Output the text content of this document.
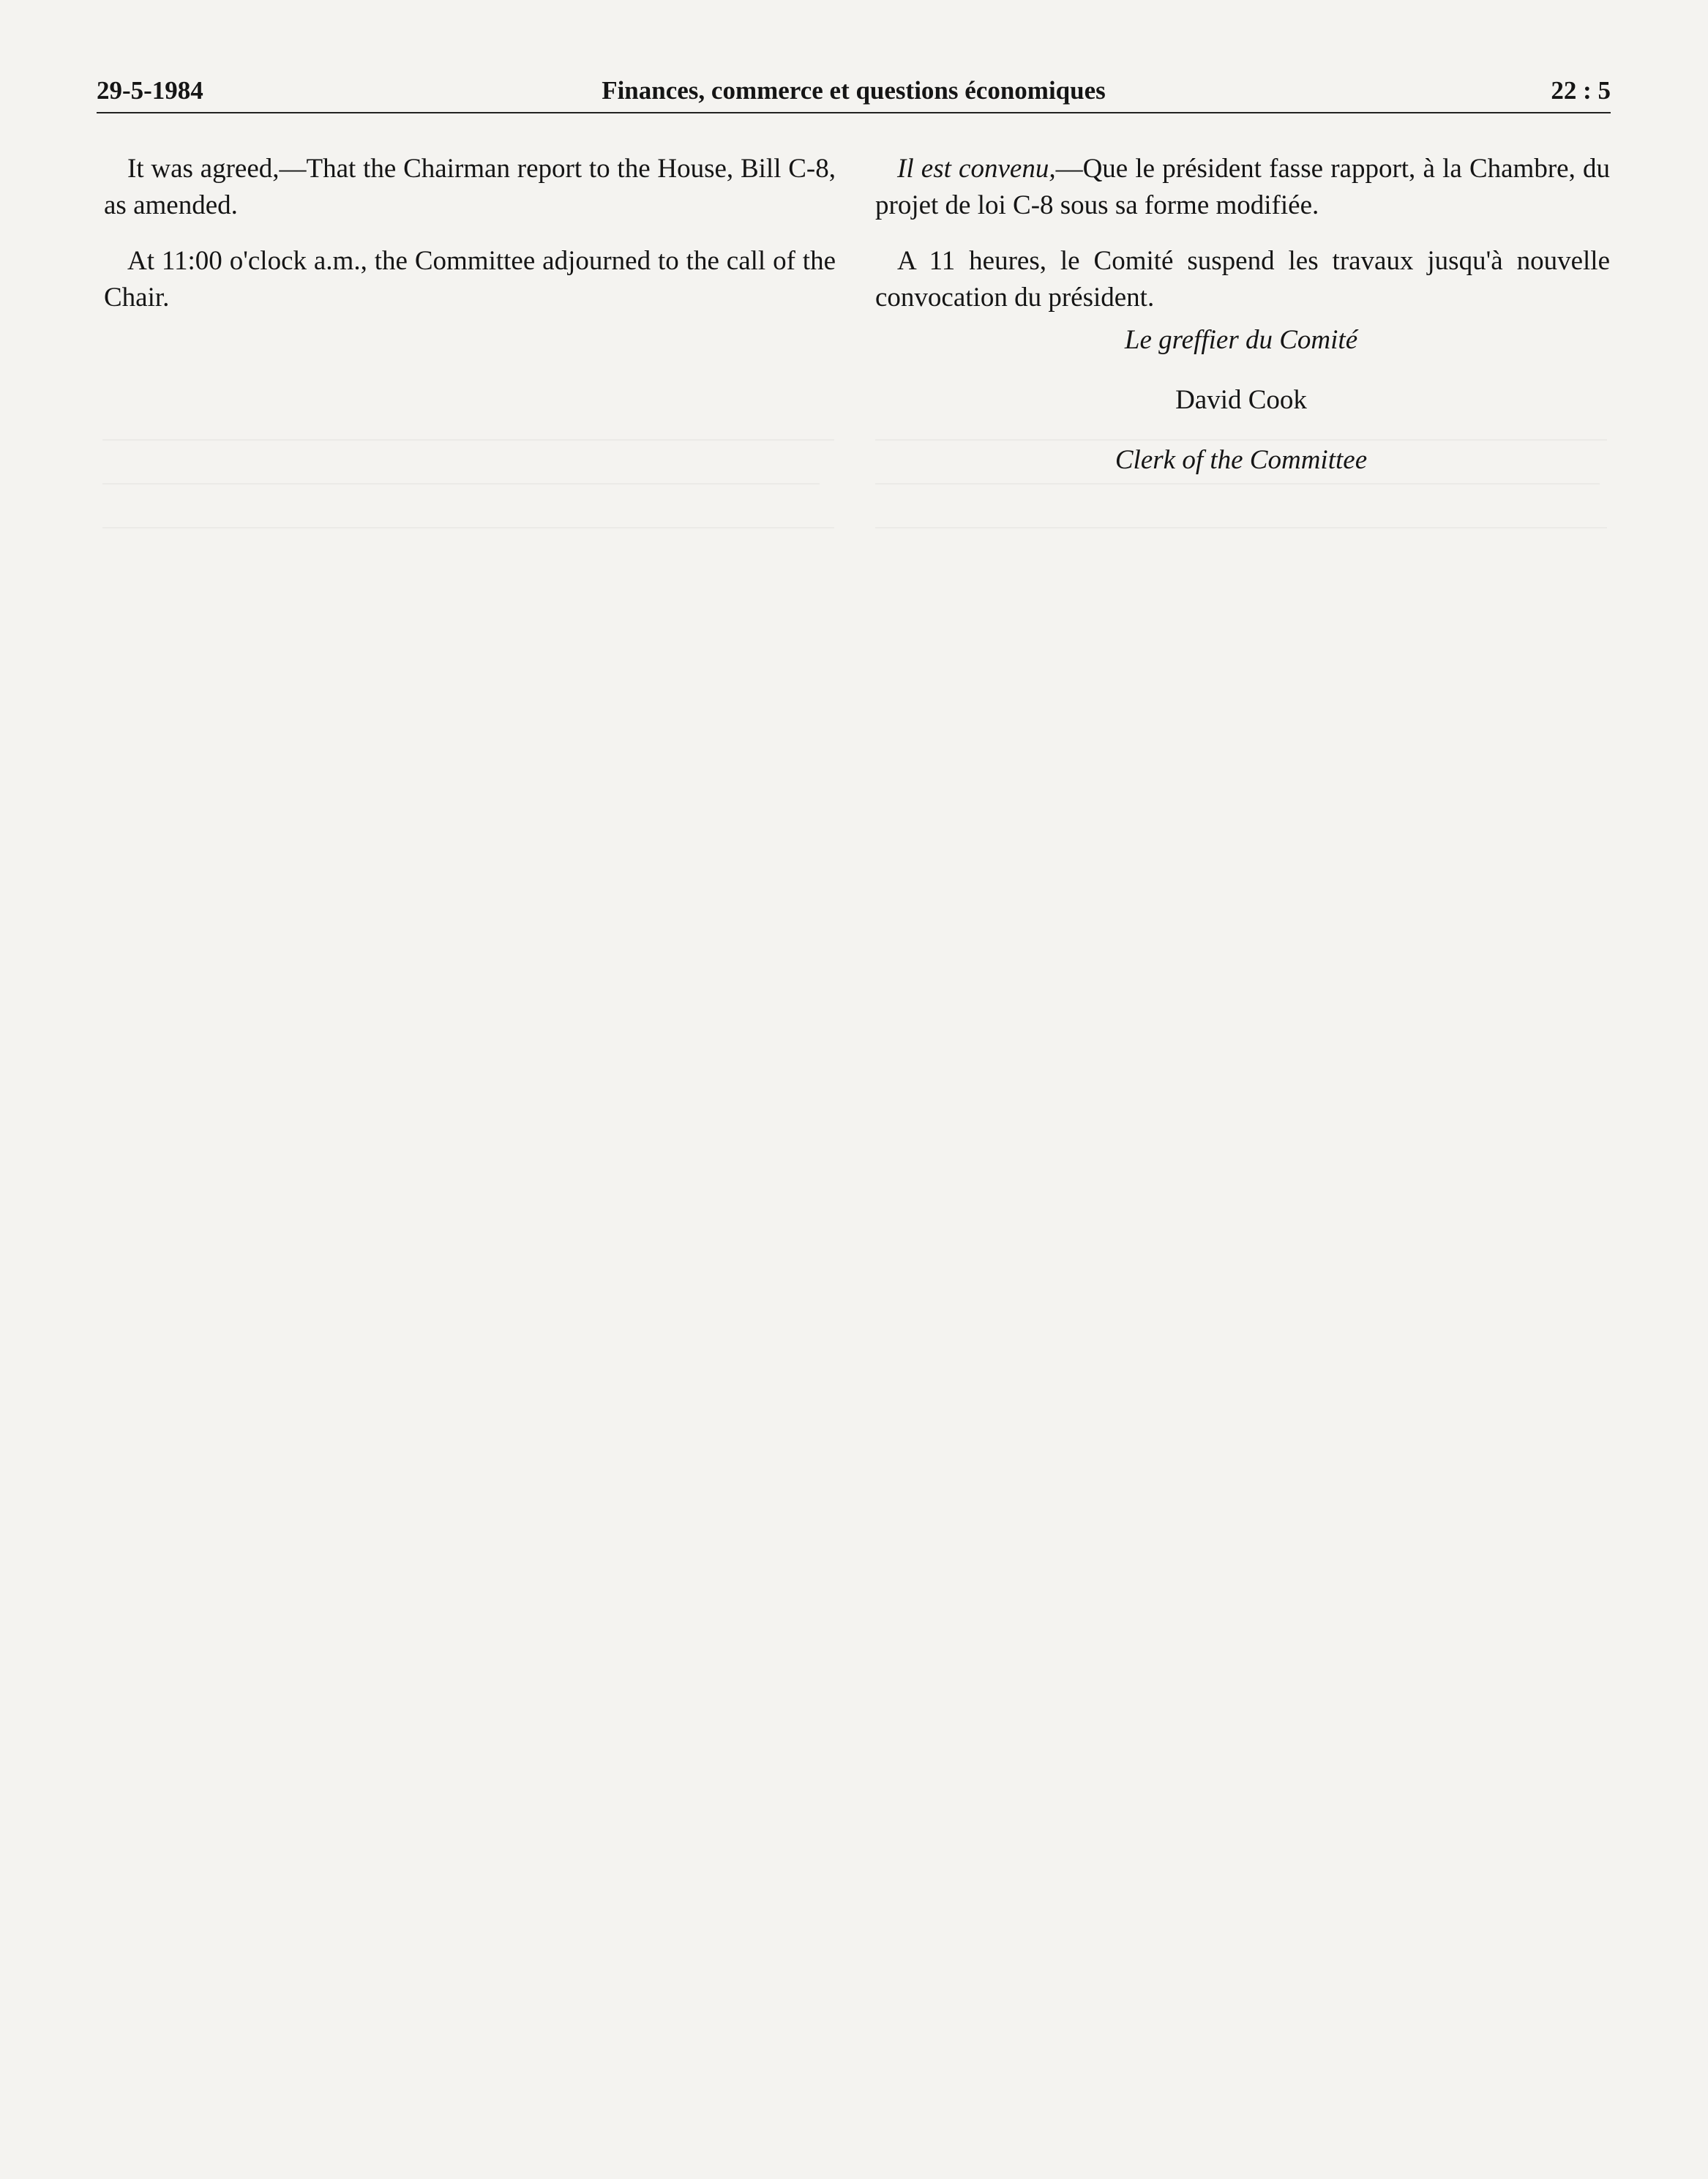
29-5-1984	Finances, commerce et questions économiques	22 : 5

It was agreed,—That the Chairman report to the House, Bill C-8, as amended.

At 11:00 o'clock a.m., the Committee adjourned to the call of the Chair.

Il est convenu,—Que le président fasse rapport, à la Chambre, du projet de loi C-8 sous sa forme modifiée.

A 11 heures, le Comité suspend les travaux jusqu'à nouvelle convocation du président.

Le greffier du Comité
David Cook
Clerk of the Committee
